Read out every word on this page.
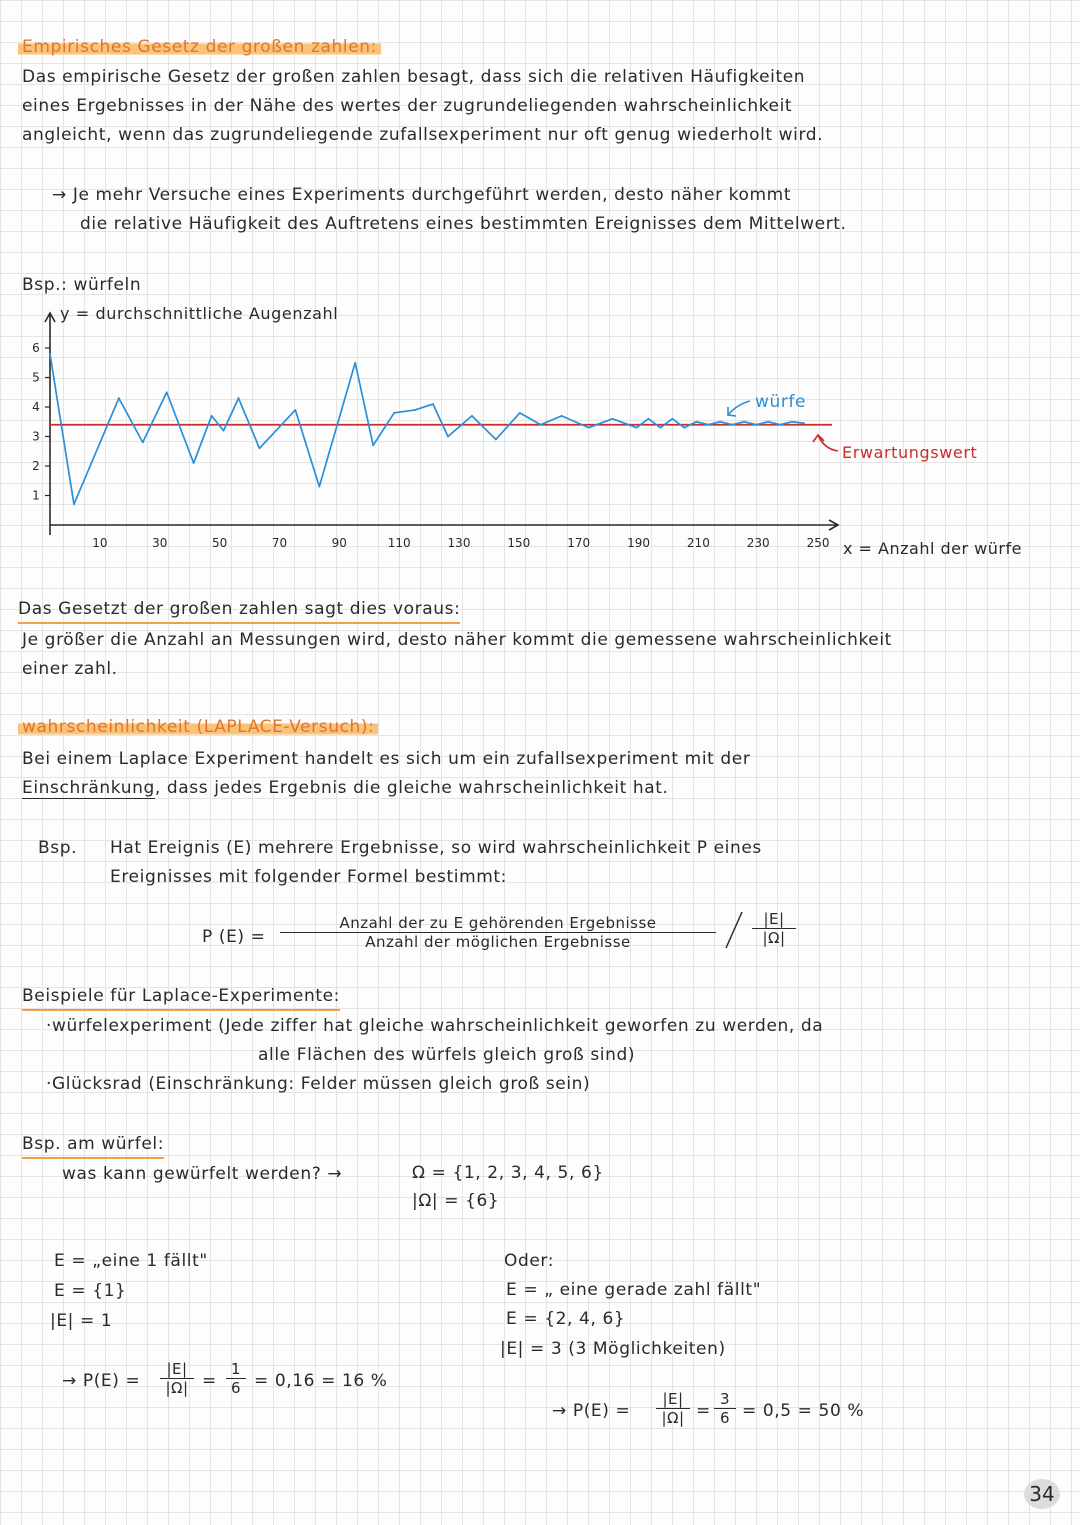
Empirisches Gesetz der großen zahlen:
Das empirische Gesetz der großen zahlen besagt, dass sich die relativen Häufigkeiten
eines Ergebnisses in der Nähe des wertes der zugrundeliegenden wahrscheinlichkeit
angleicht, wenn das zugrundeliegende zufallsexperiment nur oft genug wiederholt wird.
→ Je mehr Versuche eines Experiments durchgeführt werden, desto näher kommt
die relative Häufigkeit des Auftretens eines bestimmten Ereignisses dem Mittelwert.
Bsp.: würfeln
1
2
3
4
5
6
10	30	50	70	90	110	130	150	170	190	210	230	250
y = durchschnittliche Augenzahl
x = Anzahl der würfe
würfe
Erwartungswert
Das Gesetzt der großen zahlen sagt dies voraus:
Je größer die Anzahl an Messungen wird, desto näher kommt die gemessene wahrscheinlichkeit
einer zahl.
wahrscheinlichkeit (LAPLACE-Versuch):
Bei einem Laplace Experiment handelt es sich um ein zufallsexperiment mit der
Einschränkung, dass jedes Ergebnis die gleiche wahrscheinlichkeit hat.
Bsp. Hat Ereignis (E) mehrere Ergebnisse, so wird wahrscheinlichkeit P eines
Ereignisses mit folgender Formel bestimmt:
P (E) =
Anzahl der zu E gehörenden Ergebnisse
Anzahl der möglichen Ergebnisse	$\frac{|E|}{|\Omega|}$
Beispiele für Laplace-Experimente:
·würfelexperiment (Jede ziffer hat gleiche wahrscheinlichkeit geworfen zu werden, da
alle Flächen des würfels gleich groß sind)
·Glücksrad (Einschränkung: Felder müssen gleich groß sein)
Bsp. am würfel:
was kann gewürfelt werden? →	Ω = {1, 2, 3, 4, 5, 6}
|Ω| = {6}
E = „eine 1 fällt"
E = {1}
|E| = 1
→ $P(E) = \frac{|E|}{|\Omega|} = \frac{1}{6} = 0,16 = 16$ %
Oder:
E = „ eine gerade zahl fällt"
E = {2, 4, 6}
|E| = 3 (3 Möglichkeiten)
→ $P(E) = \frac{|E|}{|\Omega|} = \frac{3}{6} = 0,5 = 50$ %
34
